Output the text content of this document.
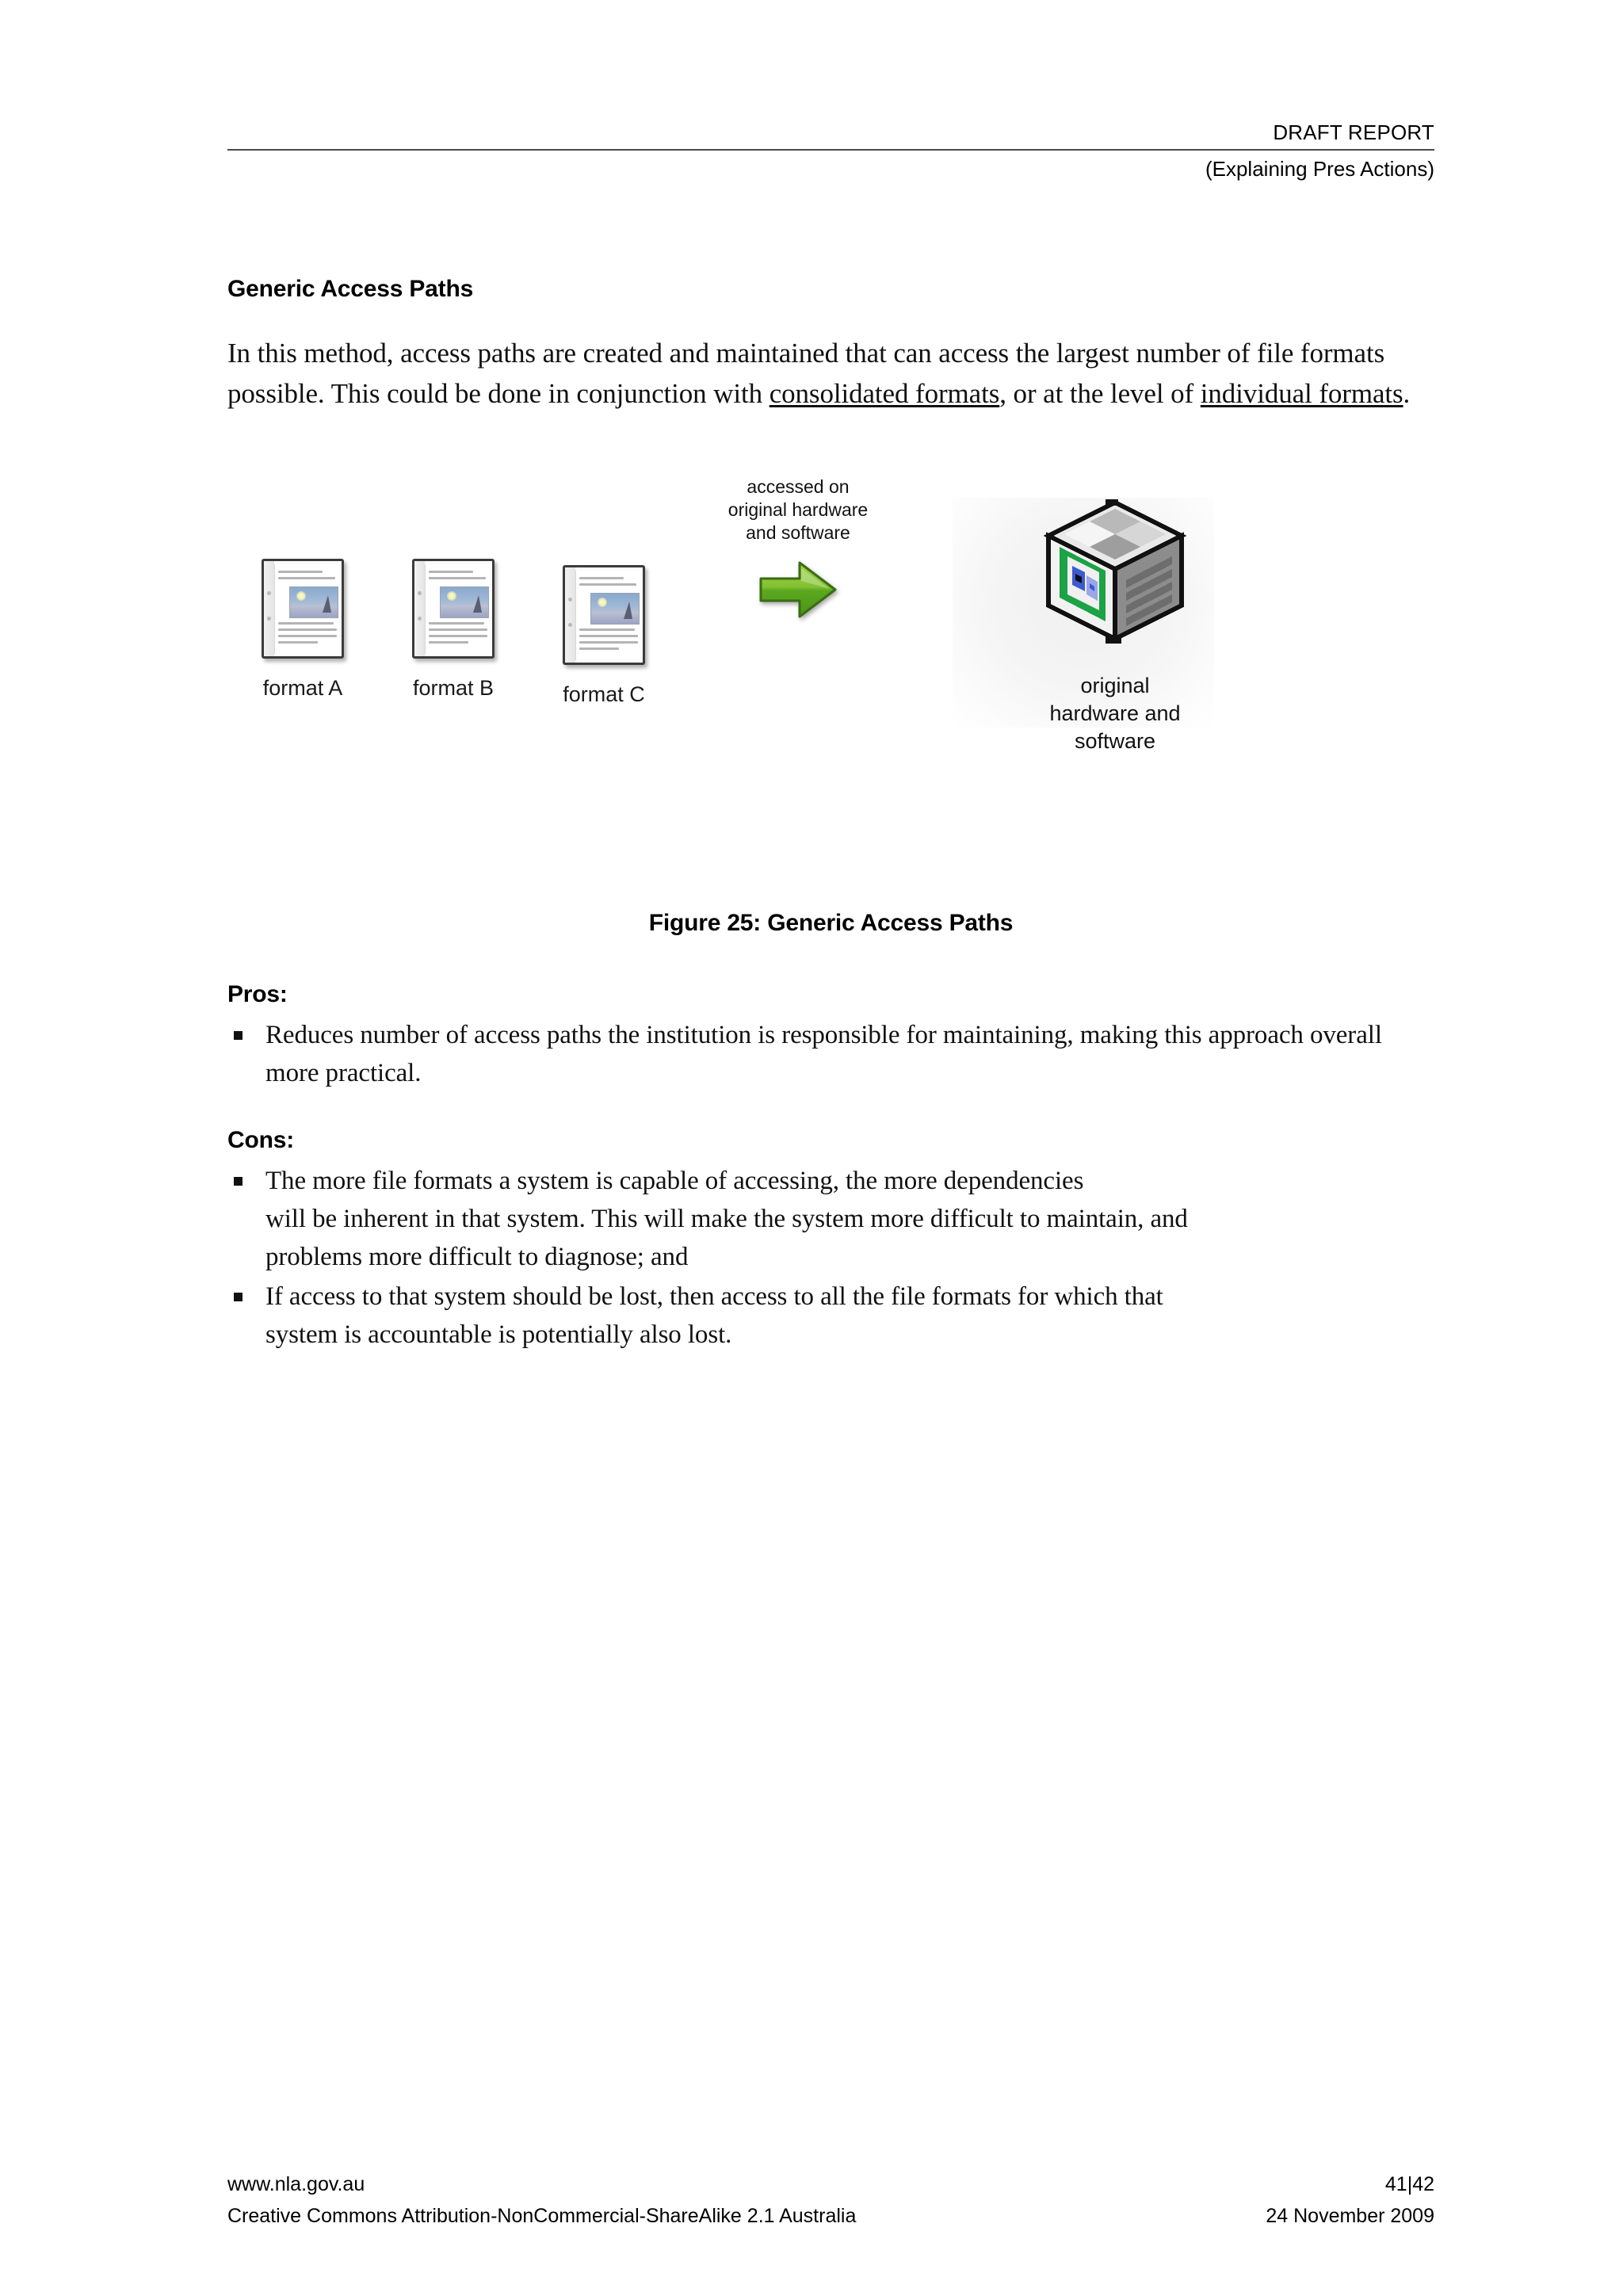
DRAFT REPORT
(Explaining Pres Actions)
Generic Access Paths

In this method, access paths are created and maintained that can access the largest number of file formats possible. This could be done in conjunction with consolidated formats, or at the level of individual formats.

format A	format B	format C
accessed on
original hardware
and software
original
hardware and
software
Figure 25: Generic Access Paths
Pros:
Reduces number of access paths the institution is responsible for maintaining, making this approach overall more practical.
Cons:
The more file formats a system is capable of accessing, the more dependencies
will be inherent in that system. This will make the system more difficult to maintain, and
problems more difficult to diagnose; and
If access to that system should be lost, then access to all the file formats for which that
system is accountable is potentially also lost.
www.nla.gov.au	41|42
Creative Commons Attribution-NonCommercial-ShareAlike 2.1 Australia	24 November 2009
